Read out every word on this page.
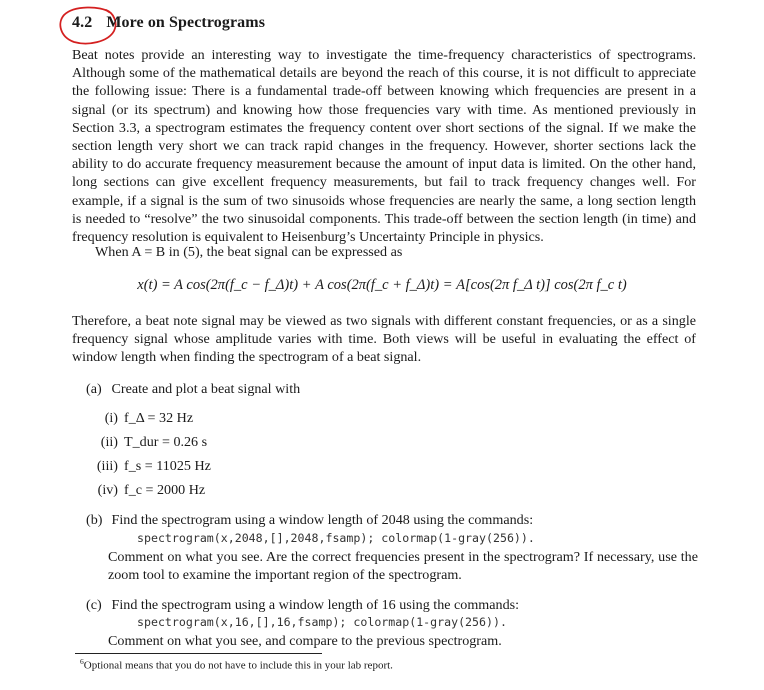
4.2 More on Spectrograms
Beat notes provide an interesting way to investigate the time-frequency characteristics of spectrograms. Although some of the mathematical details are beyond the reach of this course, it is not difficult to appreciate the following issue: There is a fundamental trade-off between knowing which frequencies are present in a signal (or its spectrum) and knowing how those frequencies vary with time. As mentioned previously in Section 3.3, a spectrogram estimates the frequency content over short sections of the signal. If we make the section length very short we can track rapid changes in the frequency. However, shorter sections lack the ability to do accurate frequency measurement because the amount of input data is limited. On the other hand, long sections can give excellent frequency measurements, but fail to track frequency changes well. For example, if a signal is the sum of two sinusoids whose frequencies are nearly the same, a long section length is needed to “resolve” the two sinusoidal components. This trade-off between the section length (in time) and frequency resolution is equivalent to Heisenburg’s Uncertainty Principle in physics.
When A = B in (5), the beat signal can be expressed as
x(t) = A cos(2π(f_c − f_Δ)t) + A cos(2π(f_c + f_Δ)t) = A[cos(2π f_Δ t)] cos(2π f_c t)
Therefore, a beat note signal may be viewed as two signals with different constant frequencies, or as a single frequency signal whose amplitude varies with time. Both views will be useful in evaluating the effect of window length when finding the spectrogram of a beat signal.
(a) Create and plot a beat signal with
(i) f_Δ = 32 Hz
(ii) T_dur = 0.26 s
(iii) f_s = 11025 Hz
(iv) f_c = 2000 Hz
(b) Find the spectrogram using a window length of 2048 using the commands:
spectrogram(x,2048,[],2048,fsamp); colormap(1-gray(256)).
Comment on what you see. Are the correct frequencies present in the spectrogram? If necessary, use the zoom tool to examine the important region of the spectrogram.
(c) Find the spectrogram using a window length of 16 using the commands:
spectrogram(x,16,[],16,fsamp); colormap(1-gray(256)).
Comment on what you see, and compare to the previous spectrogram.
$^6$Optional means that you do not have to include this in your lab report.
